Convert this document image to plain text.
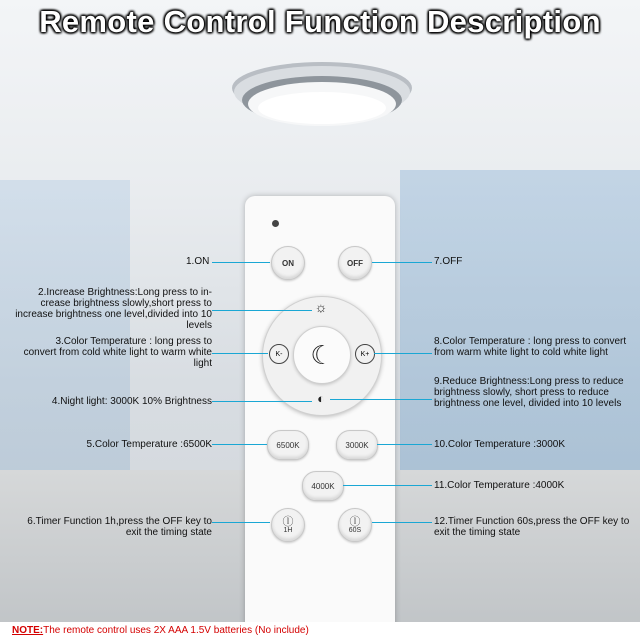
Remote Control Function Description
ON	OFF
☼
◐
K-	K+
☾
6500K	3000K
4000K
ⓛ
1H
ⓛ
60S
1.ON
2.Increase Brightness:Long press to in-crease brightness slowly,short press to increase brightness one level,divided into 10 levels
3.Color Temperature : long press to convert from cold white light to warm white light
4.Night light: 3000K 10% Brightness
5.Color Temperature :6500K
6.Timer Function 1h,press the OFF key to exit the timing state
7.OFF
8.Color Temperature : long press to convert from warm white light to cold white light
9.Reduce Brightness:Long press to reduce brightness slowly, short press to reduce brightness one level, divided into 10 levels
10.Color Temperature :3000K
11.Color Temperature :4000K
12.Timer Function 60s,press the OFF key to exit the timing state
NOTE:The remote control uses 2X AAA 1.5V batteries (No include)
